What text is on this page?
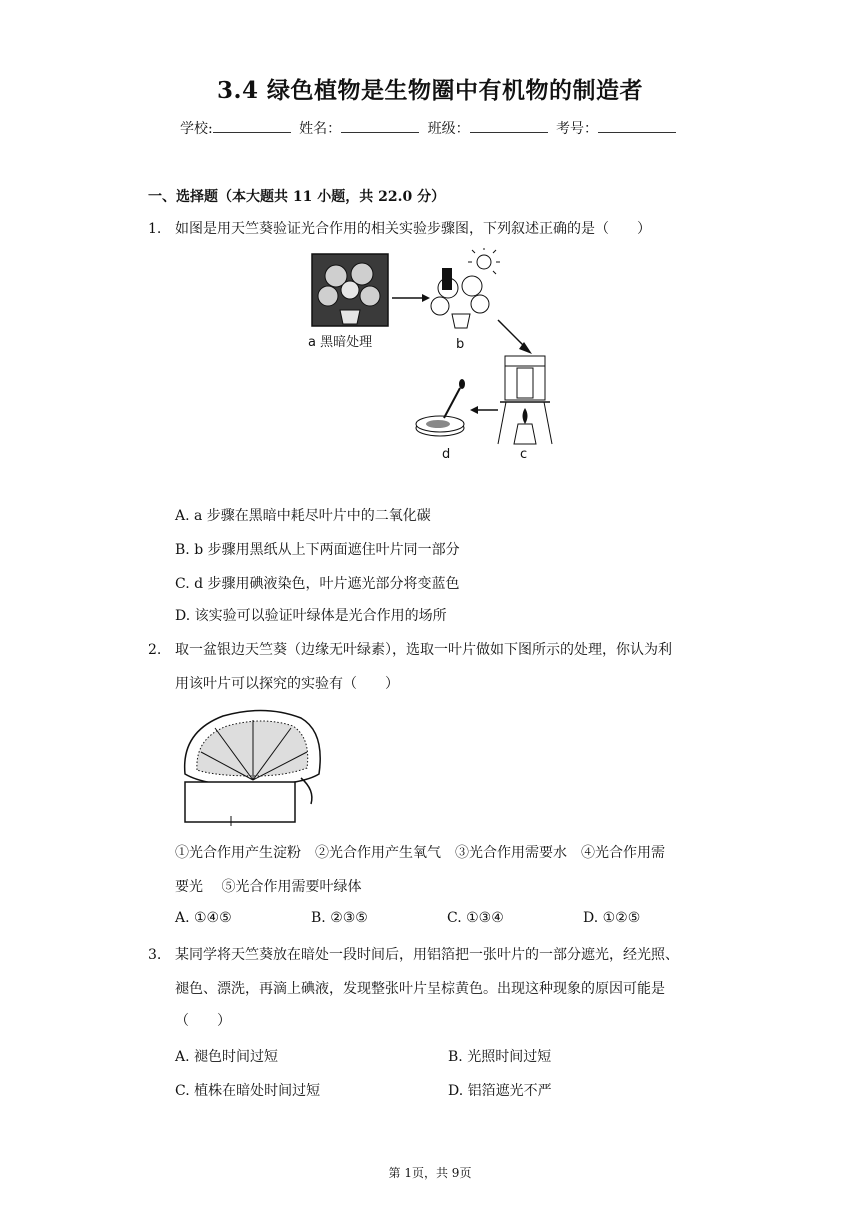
3.4 绿色植物是生物圈中有机物的制造者
学校:	姓名：	班级：	考号：
一、选择题（本大题共 11 小题，共 22.0 分）
1. 如图是用天竺葵验证光合作用的相关实验步骤图，下列叙述正确的是（　　）
a 黑暗处理	b
c
d
A. a 步骤在黑暗中耗尽叶片中的二氧化碳
B. b 步骤用黑纸从上下两面遮住叶片同一部分
C. d 步骤用碘液染色，叶片遮光部分将变蓝色
D. 该实验可以验证叶绿体是光合作用的场所
2. 取一盆银边天竺葵（边缘无叶绿素），选取一叶片做如下图所示的处理，你认为利
用该叶片可以探究的实验有（　　）
①光合作用产生淀粉　②光合作用产生氧气　③光合作用需要水　④光合作用需
要光　 ⑤光合作用需要叶绿体
A. ①④⑤	B. ②③⑤	C. ①③④	D. ①②⑤
3. 某同学将天竺葵放在暗处一段时间后，用铝箔把一张叶片的一部分遮光，经光照、
褪色、漂洗，再滴上碘液，发现整张叶片呈棕黄色。出现这种现象的原因可能是
（　　）
A. 褪色时间过短	B. 光照时间过短
C. 植株在暗处时间过短	D. 铝箔遮光不严
第 1页，共 9页
